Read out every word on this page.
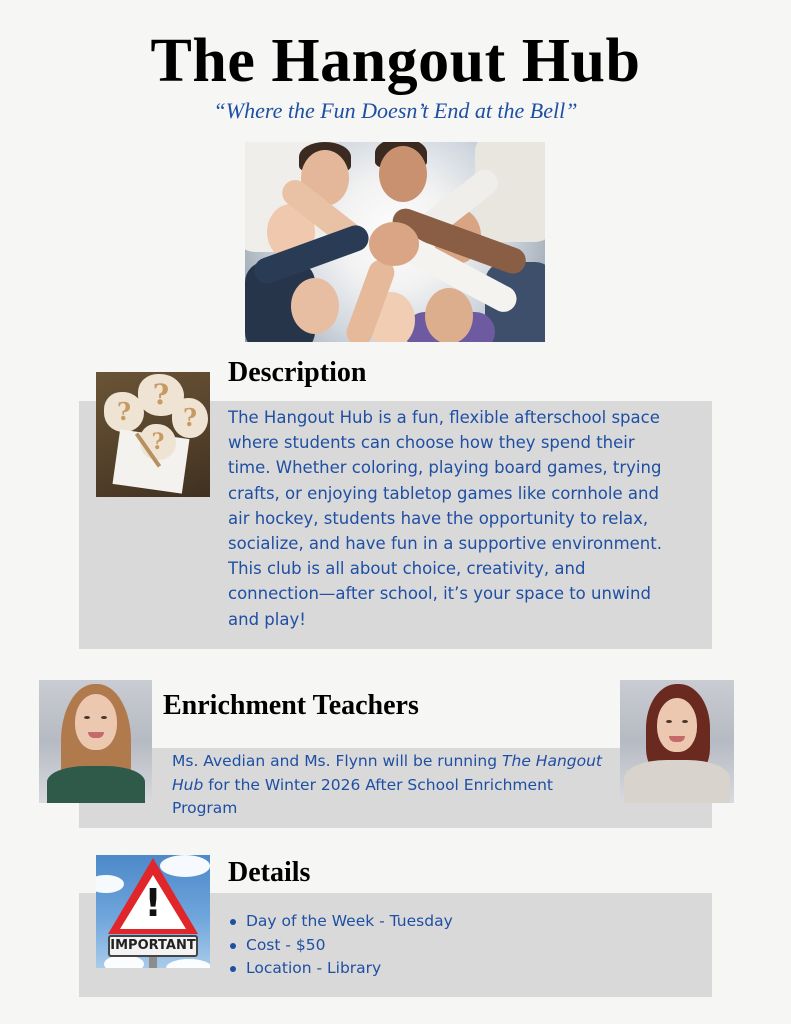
The Hangout Hub
“Where the Fun Doesn’t End at the Bell”
?
?
?
?
Description

The Hangout Hub is a fun, flexible afterschool space where students can choose how they spend their time. Whether coloring, playing board games, trying crafts, or enjoying tabletop games like cornhole and air hockey, students have the opportunity to relax, socialize, and have fun in a supportive environment. This club is all about choice, creativity, and connection—after school, it’s your space to unwind and play!

Enrichment Teachers

Ms. Avedian and Ms. Flynn will be running The Hangout Hub for the Winter 2026 After School Enrichment Program

!
IMPORTANT
Details
Day of the Week - Tuesday
Cost - $50
Location - Library
